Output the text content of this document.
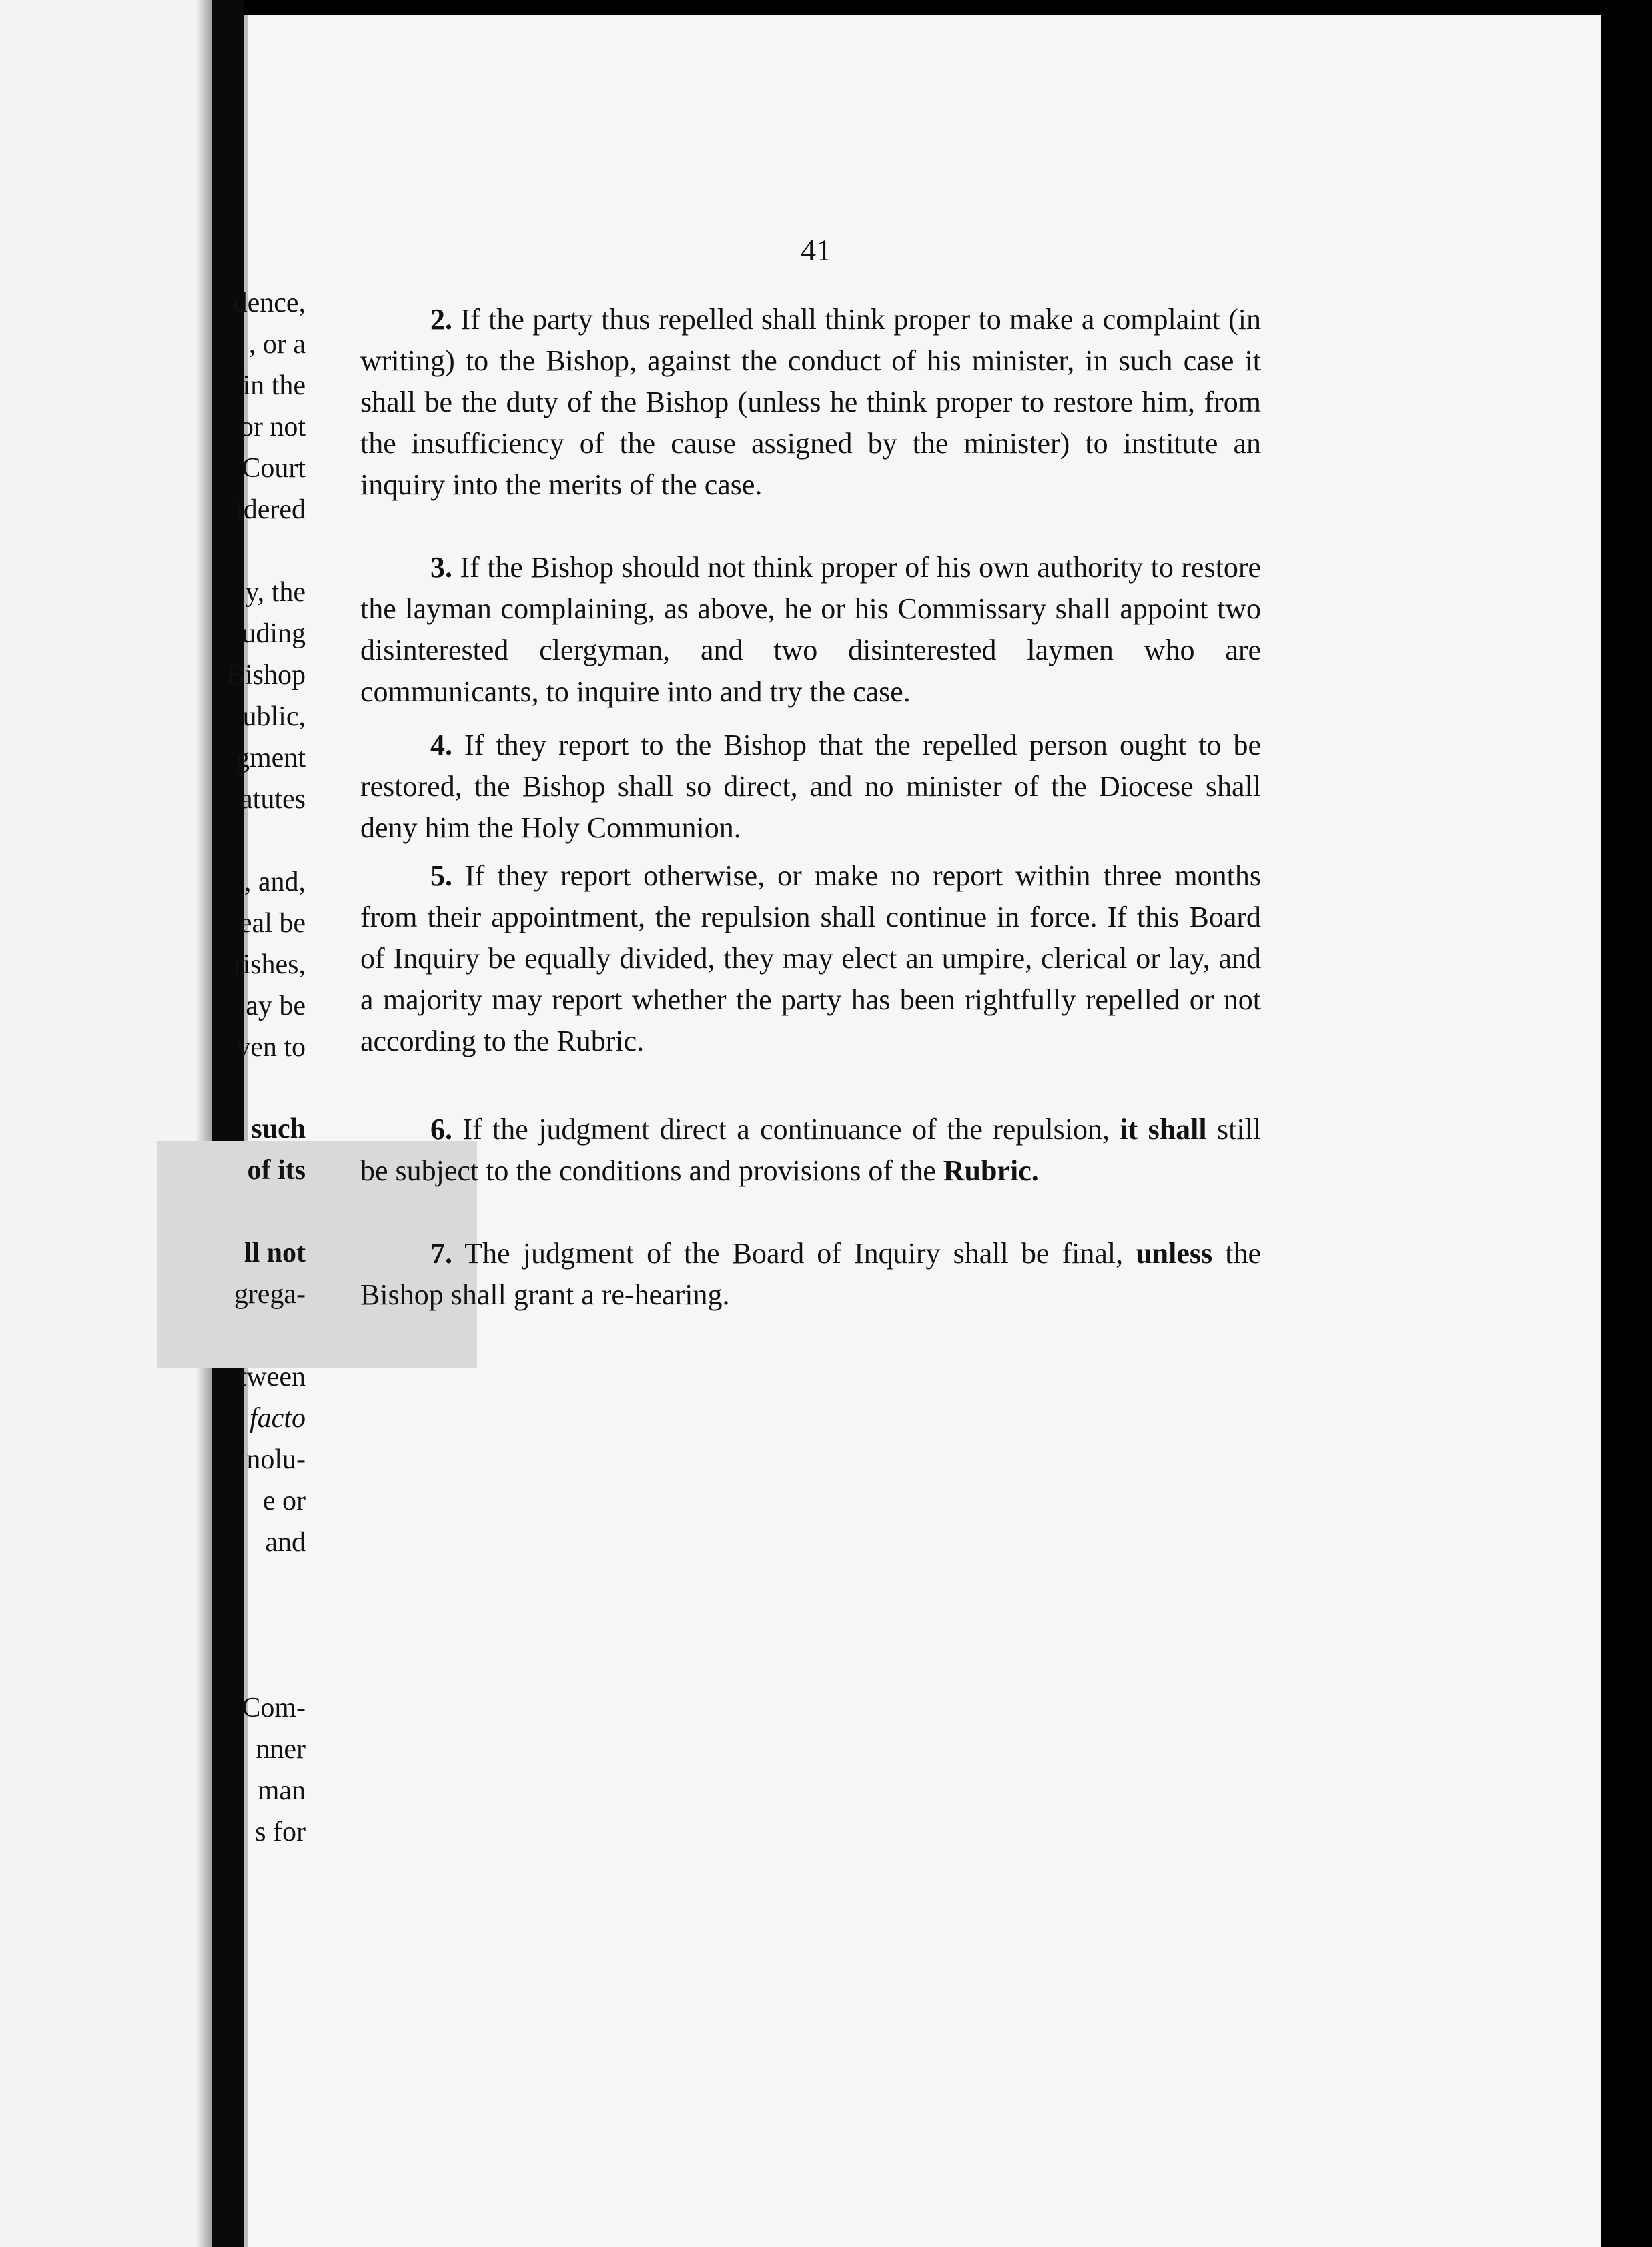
dence,
, or a
in the
or not
Court
idered
y, the
uding
Bishop
ublic,
gment
atutes
, and,
eal be
rishes,
ay be
ven to
such
of its
ll not
grega-
tween
facto
nolu-
e or
and
Com-
nner
man
s for
41

2. If the party thus repelled shall think proper to make a complaint (in writing) to the Bishop, against the conduct of his minister, in such case it shall be the duty of the Bishop (unless he think proper to restore him, from the insufficiency of the cause assigned by the minister) to institute an inquiry into the merits of the case.

3. If the Bishop should not think proper of his own authority to restore the layman complaining, as above, he or his Commissary shall appoint two disinterested clergyman, and two disinterested laymen who are communicants, to inquire into and try the case.

4. If they report to the Bishop that the repelled person ought to be restored, the Bishop shall so direct, and no minister of the Diocese shall deny him the Holy Communion.

5. If they report otherwise, or make no report within three months from their appointment, the repulsion shall continue in force. If this Board of Inquiry be equally divided, they may elect an umpire, clerical or lay, and a majority may report whether the party has been rightfully repelled or not according to the Rubric.

6. If the judgment direct a continuance of the repulsion, it shall still be subject to the conditions and provisions of the Rubric.

7. The judgment of the Board of Inquiry shall be final, unless the Bishop shall grant a re-hearing.
